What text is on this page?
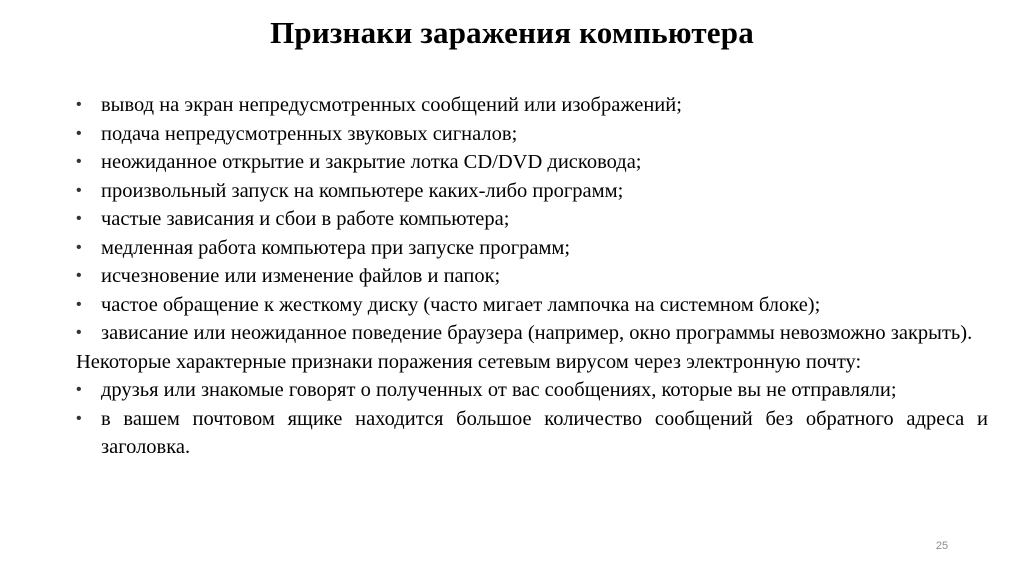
Признаки заражения компьютера
• вывод на экран непредусмотренных сообщений или изображений;
• подача непредусмотренных звуковых сигналов;
• неожиданное открытие и закрытие лотка CD/DVD дисковода;
• произвольный запуск на компьютере каких-либо программ;
• частые зависания и сбои в работе компьютера;
• медленная работа компьютера при запуске программ;
• исчезновение или изменение файлов и папок;
• частое обращение к жесткому диску (часто мигает лампочка на системном блоке);
• зависание или неожиданное поведение браузера (например, окно программы невозможно закрыть).
Некоторые характерные признаки поражения сетевым вирусом через электронную почту:
• друзья или знакомые говорят о полученных от вас сообщениях, которые вы не отправляли;
• в вашем почтовом ящике находится большое количество сообщений без обратного адреса и заголовка.
25
